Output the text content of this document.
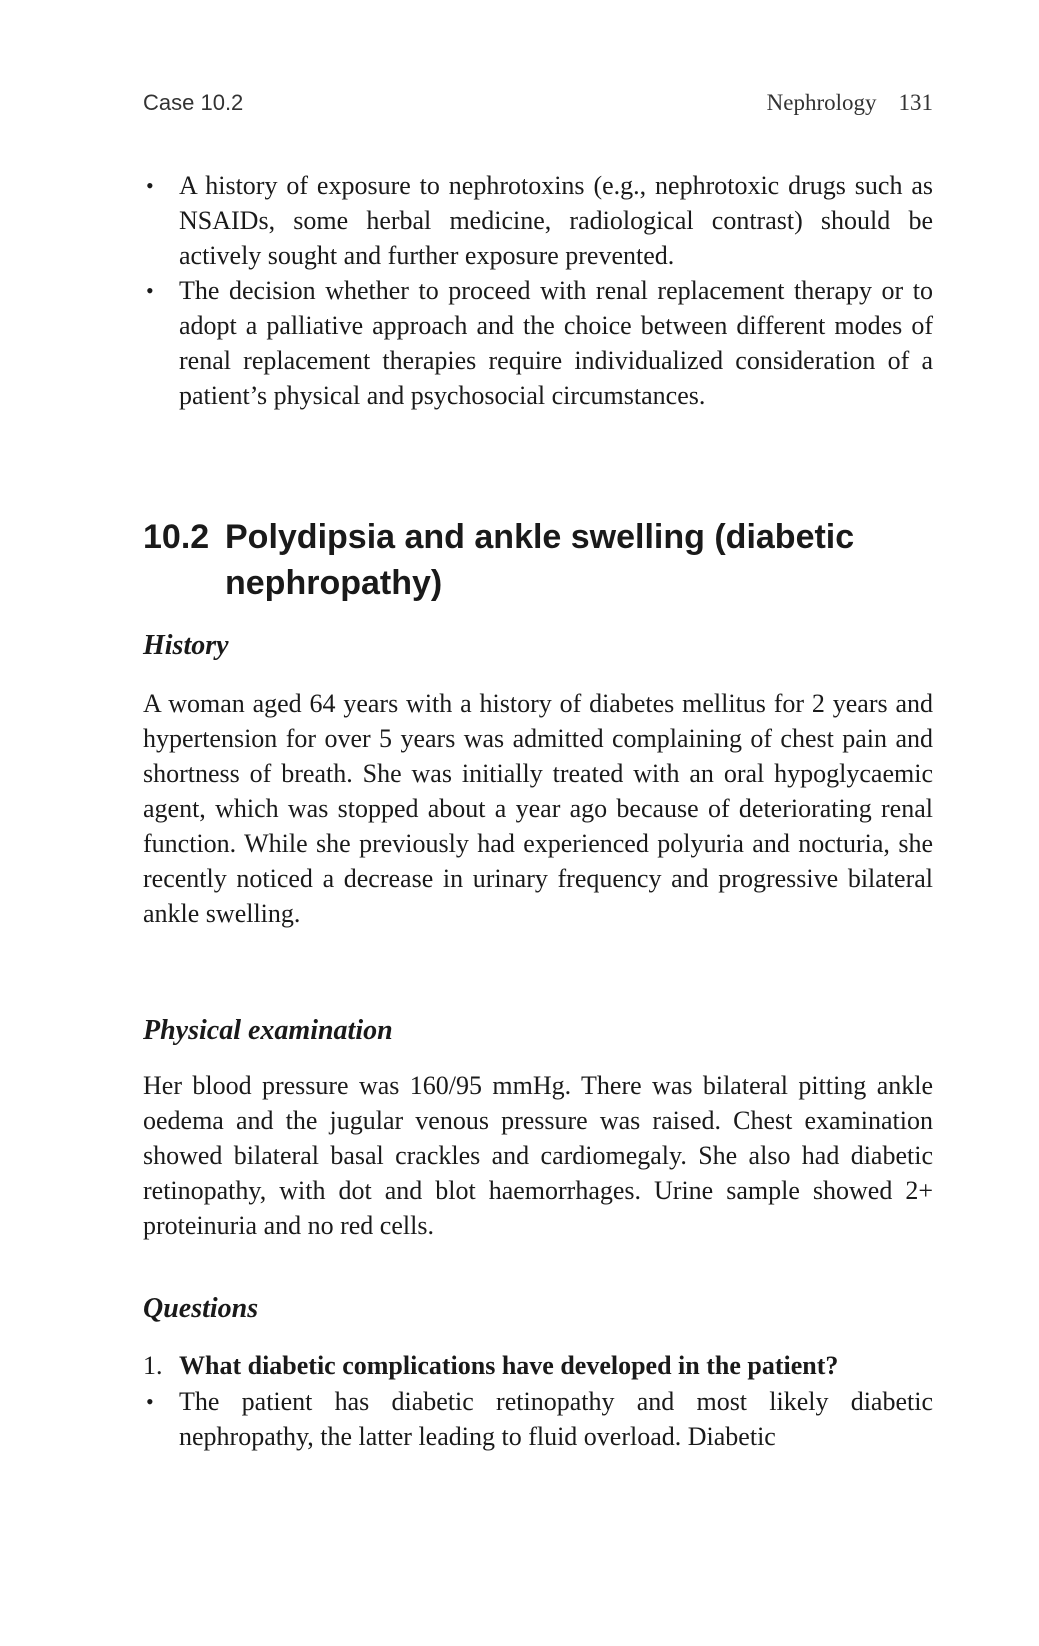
Case 10.2	Nephrology 131
• A history of exposure to nephrotoxins (e.g., nephrotoxic drugs such as NSAIDs, some herbal medicine, radiological contrast) should be actively sought and further exposure prevented.
• The decision whether to proceed with renal replacement therapy or to adopt a palliative approach and the choice between different modes of renal replacement therapies require individualized consideration of a patient’s physical and psychosocial circumstances.
10.2 Polydipsia and ankle swelling (diabetic nephropathy)
History

A woman aged 64 years with a history of diabetes mellitus for 2 years and hypertension for over 5 years was admitted complaining of chest pain and shortness of breath. She was initially treated with an oral hypoglycaemic agent, which was stopped about a year ago because of deteriorating renal function. While she previously had experienced polyuria and nocturia, she recently noticed a decrease in urinary frequency and progressive bilateral ankle swelling.

Physical examination

Her blood pressure was 160/95 mmHg. There was bilateral pitting ankle oedema and the jugular venous pressure was raised. Chest examination showed bilateral basal crackles and cardiomegaly. She also had diabetic retinopathy, with dot and blot haemorrhages. Urine sample showed 2+ proteinuria and no red cells.

Questions
1. What diabetic complications have developed in the patient?
• The patient has diabetic retinopathy and most likely diabetic nephropathy, the latter leading to fluid overload. Diabetic
